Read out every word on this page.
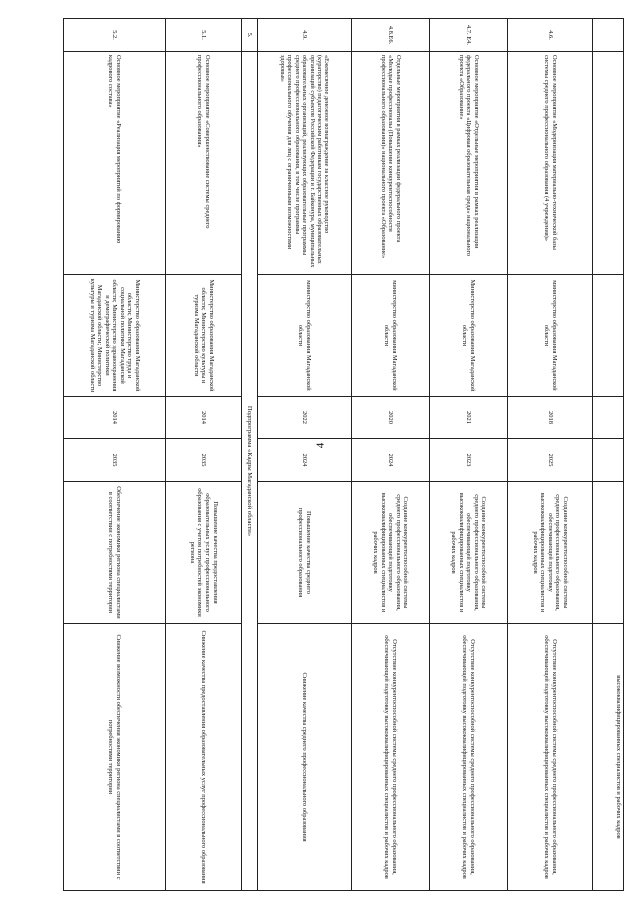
4
						высококвалифицированных специалистов и рабочих кадров
4.6.	Основное мероприятие «Модернизация материально-технической базы системы среднего профессионального образования (4 учреждения)»	министерство образования Магаданской области	2018	2025	Создание конкурентоспособной системы среднего профессионального образования, обеспечивающей подготовку высококвалифицированных специалистов и рабочих кадров	Отсутствие конкурентоспособной системы среднего профессионального образования, обеспечивающей подготовку высококвалифицированных специалистов и рабочих кадров
4.7. Е4.	Основное мероприятие «Отдельные мероприятия в рамках реализации федерального проекта «Цифровая образовательная среда» национального проекта «Образование»	Министерство образования Магаданской области	2021	2023	Создание конкурентоспособной системы среднего профессионального образования, обеспечивающей подготовку высококвалифицированных специалистов и рабочих кадров	Отсутствие конкурентоспособной системы среднего профессионального образования, обеспечивающей подготовку высококвалифицированных специалистов и рабочих кадров
4.8.Е6.	Отдельные мероприятия в рамках реализации федерального проекта «Молодые профессионалы (Повышение конкурентоспособности профессионального образования)» национального проекта «Образование»	министерство образования Магаданской области	2020	2024	Создание конкурентоспособной системы среднего профессионального образования, обеспечивающей подготовку высококвалифицированных специалистов и рабочих кадров	Отсутствие конкурентоспособной системы среднего профессионального образования, обеспечивающей подготовку высококвалифицированных специалистов и рабочих кадров
4.9.	«Ежемесячное денежное вознаграждение за классное руководство (кураторство) педагогическим работникам государственных образовательных организаций субъектов Российской Федерации и г. Байконура, муниципальных образовательных организаций, реализующих образовательные программы среднего профессионального образования, в том числе программы профессионального обучения для лиц с ограниченными возможностями здоровья»	министерство образования Магаданской области	2022	2024	Повышение качества среднего профессионального образования	Снижение качества среднего профессионального образования
5.	Подпрограмма «Кадры Магаданской области»					
5.1.	Основное мероприятие «Совершенствование системы среднего профессионального образования»	Министерство образования Магаданской области; Министерство культуры и туризма Магаданской области	2014	2035	Повышение качества предоставления образовательных услуг профессионального образования с учетом потребностей экономики региона	Снижение качества предоставления образовательных услуг профессионального образования
5.2.	Основное мероприятие «Реализация мероприятий по формированию кадрового состава»	Министерство образования Магаданской области; Министерство труда и социальной политики Магаданской области; Министерство здравоохранения и демографической политики Магаданской области; Министерство культуры и туризма Магаданской области	2014	2035	Обеспечение экономики региона специалистами в соответствии с потребностями территории	Снижение возможности обеспечения экономики региона специалистами в соответствии с потребностями территории
